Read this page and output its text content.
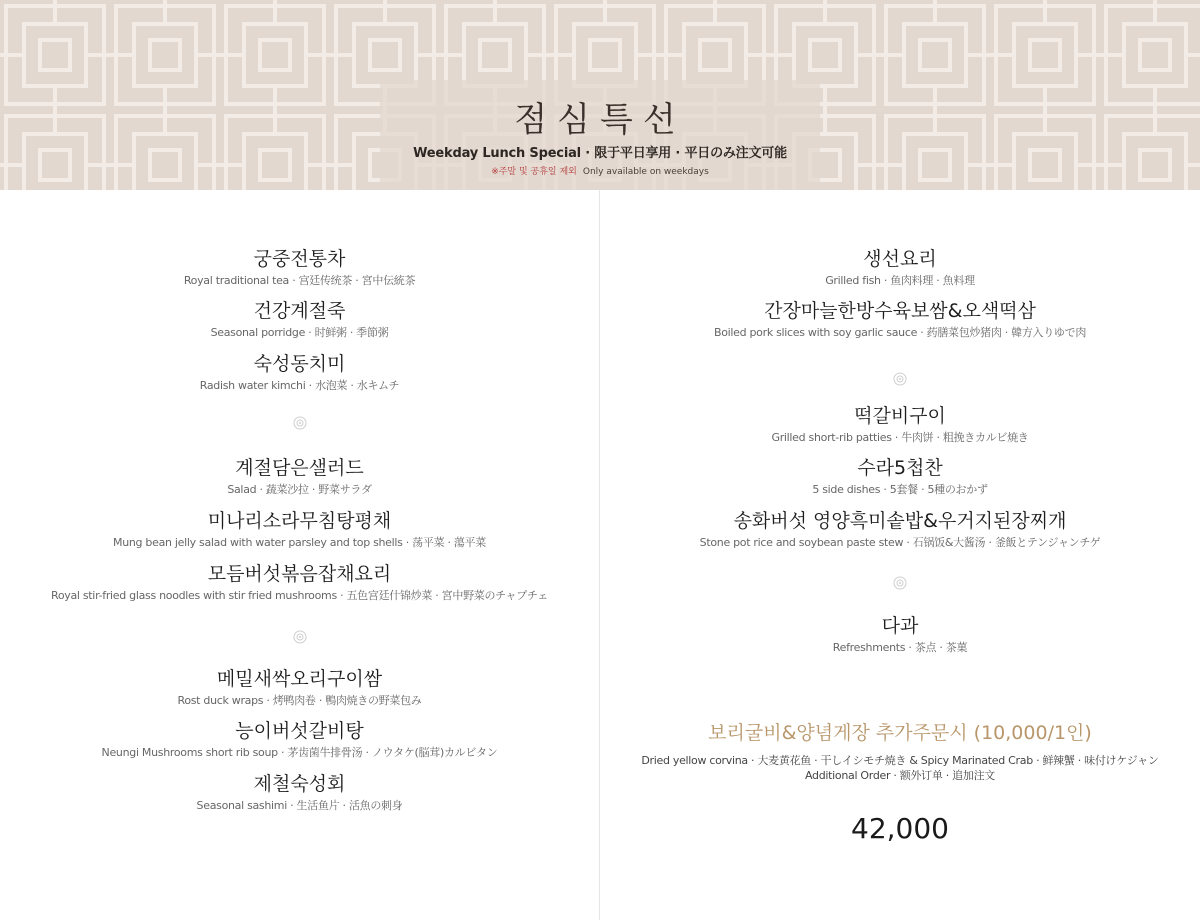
점심특선
Weekday Lunch Special · 限于平日享用 · 平日のみ注文可能
※주말 및 공휴일 제외 Only available on weekdays
궁중전통차
Royal traditional tea · 宫廷传统茶 · 宮中伝統茶
건강계절죽
Seasonal porridge · 时鲜粥 · 季節粥
숙성동치미
Radish water kimchi · 水泡菜 · 水キムチ
계절담은샐러드
Salad · 蔬菜沙拉 · 野菜サラダ
미나리소라무침탕평채
Mung bean jelly salad with water parsley and top shells · 荡平菜 · 蕩平菜
모듬버섯볶음잡채요리
Royal stir-fried glass noodles with stir fried mushrooms · 五色宫廷什锦炒菜 · 宮中野菜のチャプチェ
메밀새싹오리구이쌈
Rost duck wraps · 烤鸭肉卷 · 鴨肉焼きの野菜包み
능이버섯갈비탕
Neungi Mushrooms short rib soup · 茅齿菌牛排骨汤 · ノウタケ(脳茸)カルビタン
제철숙성회
Seasonal sashimi · 生活鱼片 · 活魚の刺身
생선요리
Grilled fish · 鱼肉料理 · 魚料理
간장마늘한방수육보쌈&오색떡삼
Boiled pork slices with soy garlic sauce · 药膳菜包炒猪肉 · 韓方入りゆで肉
떡갈비구이
Grilled short-rib patties · 牛肉饼 · 粗挽きカルビ焼き
수라5첩찬
5 side dishes · 5套餐 · 5種のおかず
송화버섯 영양흑미솥밥&우거지된장찌개
Stone pot rice and soybean paste stew · 石锅饭&大酱汤 · 釜飯とテンジャンチゲ
다과
Refreshments · 茶点 · 茶菓
보리굴비&양념게장 추가주문시 (10,000/1인)
Dried yellow corvina · 大麦黄花鱼 · 干しイシモチ焼き & Spicy Marinated Crab · 鲜辣蟹 · 味付けケジャン
Additional Order · 额外订单 · 追加注文
42,000
